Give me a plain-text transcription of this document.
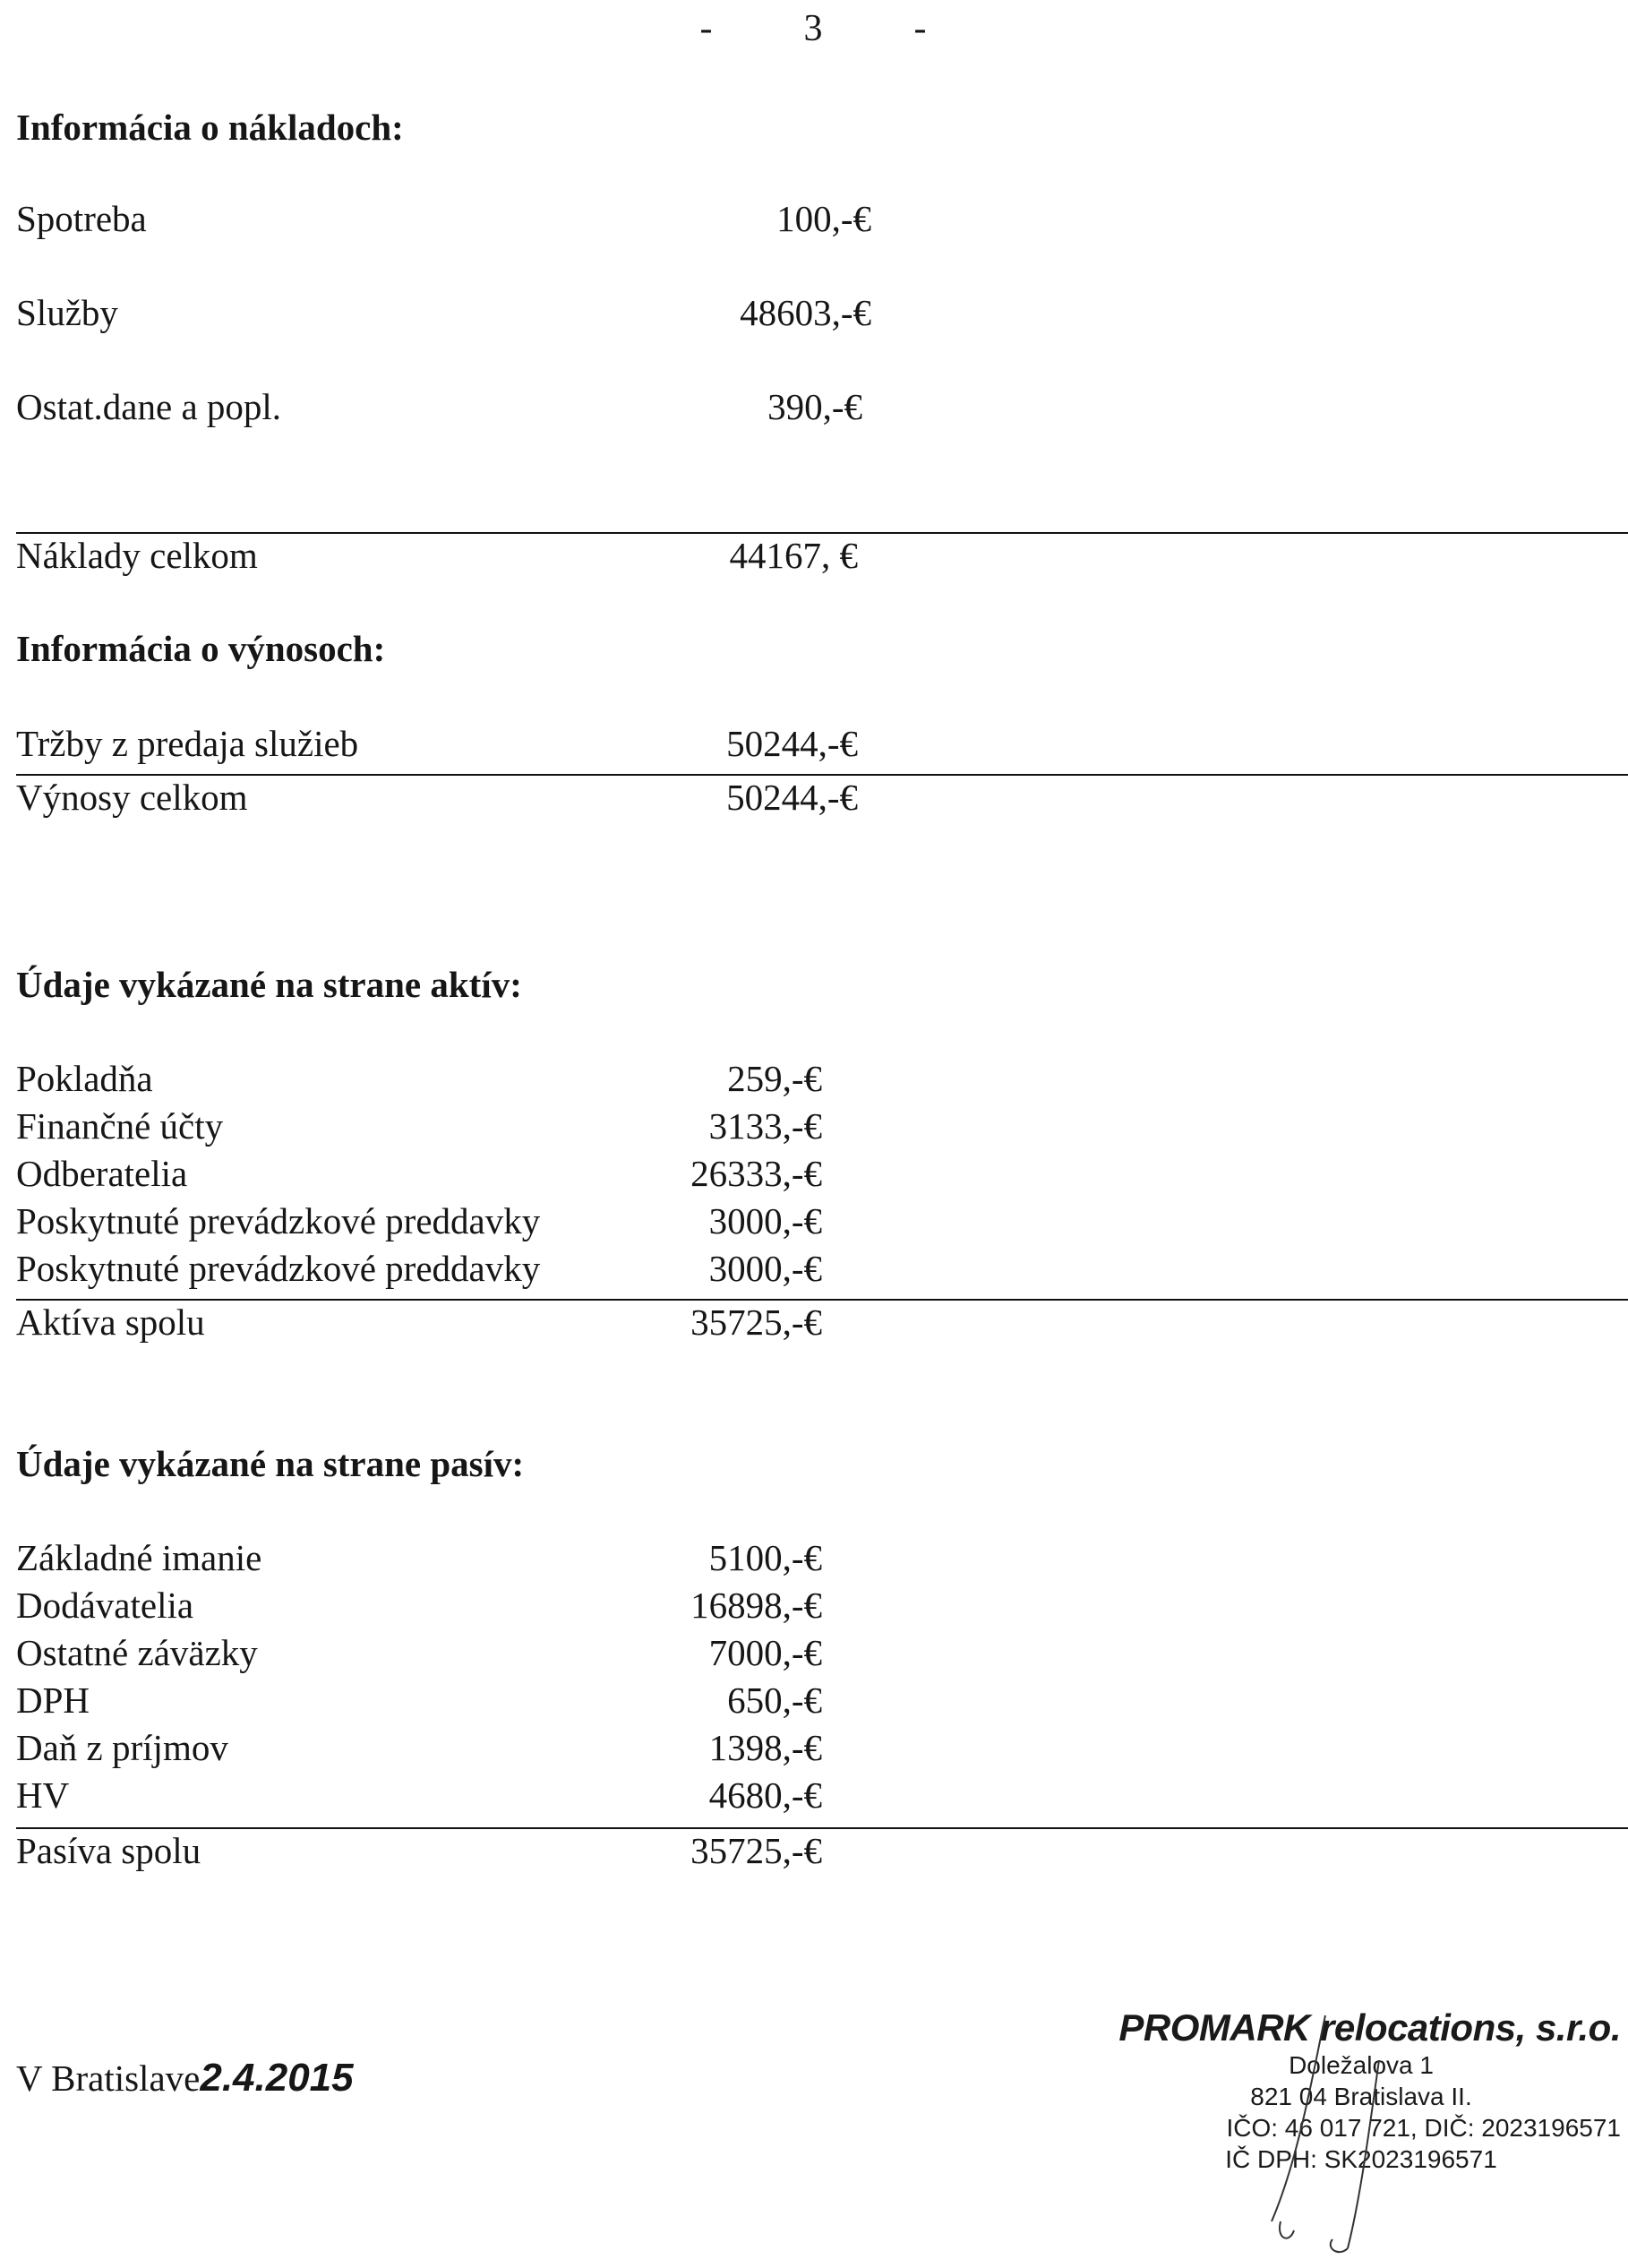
- 3 -
Informácia o nákladoch:
Spotreba	100,-€
Služby	48603,-€
Ostat.dane a popl.	390,-€
Náklady celkom	44167, €
Informácia o výnosoch:
Tržby z predaja služieb	50244,-€
Výnosy celkom	50244,-€
Údaje vykázané na strane aktív:
Pokladňa	259,-€
Finančné účty	3133,-€
Odberatelia	26333,-€
Poskytnuté prevádzkové preddavky	3000,-€
Poskytnuté prevádzkové preddavky	3000,-€
Aktíva spolu	35725,-€
Údaje vykázané na strane pasív:
Základné imanie	5100,-€
Dodávatelia	16898,-€
Ostatné záväzky	7000,-€
DPH	650,-€
Daň z príjmov	1398,-€
HV	4680,-€
Pasíva spolu	35725,-€
V Bratislave2.4.2015
PROMARK relocations, s.r.o.
Doležalova 1
821 04 Bratislava II.
IČO: 46 017 721, DIČ: 2023196571
IČ DPH: SK2023196571
